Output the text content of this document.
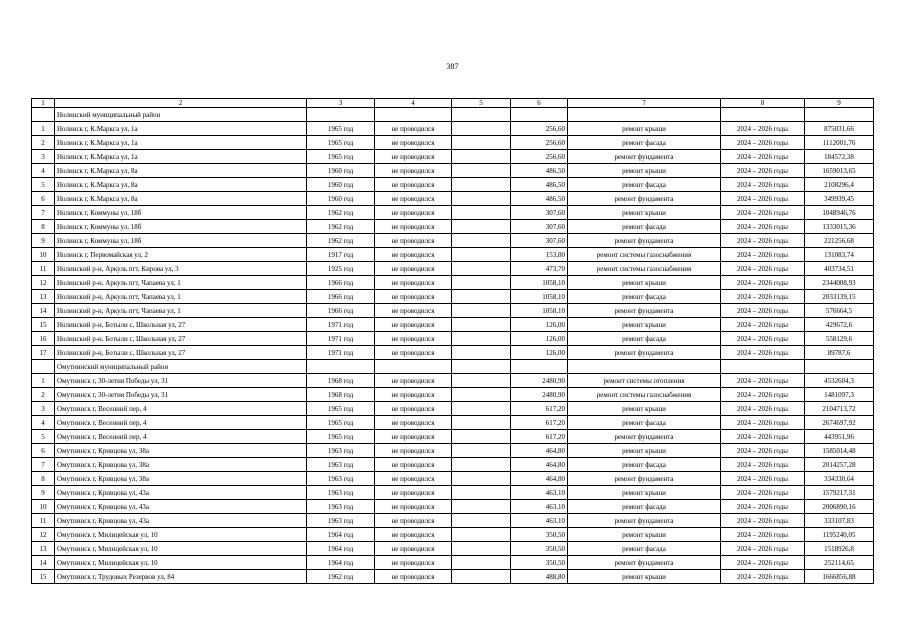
387
1	2	3	4	5	6	7	8	9
	Нолинский муниципальный район							
1	Нолинск г, К.Маркса ул, 1а	1965 год	не проводился		256,60	ремонт крыши	2024 – 2026 годы	875031,66
2	Нолинск г, К.Маркса ул, 1а	1965 год	не проводился		256,60	ремонт фасада	2024 – 2026 годы	1112001,76
3	Нолинск г, К.Маркса ул, 1а	1965 год	не проводился		256,60	ремонт фундамента	2024 – 2026 годы	184572,38
4	Нолинск г, К.Маркса ул, 8а	1960 год	не проводился		486,50	ремонт крыши	2024 – 2026 годы	1659013,65
5	Нолинск г, К.Маркса ул, 8а	1960 год	не проводился		486,50	ремонт фасада	2024 – 2026 годы	2108296,4
6	Нолинск г, К.Маркса ул, 8а	1960 год	не проводился		486,50	ремонт фундамента	2024 – 2026 годы	349939,45
7	Нолинск г, Коммуны ул, 18б	1962 год	не проводился		307,60	ремонт крыши	2024 – 2026 годы	1048946,76
8	Нолинск г, Коммуны ул, 18б	1962 год	не проводился		307,60	ремонт фасада	2024 – 2026 годы	1333015,36
9	Нолинск г, Коммуны ул, 18б	1962 год	не проводился		307,60	ремонт фундамента	2024 – 2026 годы	221256,68
10	Нолинск г, Первомайская ул, 2	1917 год	не проводился		153,80	ремонт системы газоснабжения	2024 – 2026 годы	131083,74
11	Нолинский р-н, Аркуль пгт, Кирова ул, 3	1925 год	не проводился		473,70	ремонт системы газоснабжения	2024 – 2026 годы	403734,51
12	Нолинский р-н, Аркуль пгт, Чапаева ул, 1	1966 год	не проводился		1058,10	ремонт крыши	2024 – 2026 годы	2344008,93
13	Нолинский р-н, Аркуль пгт, Чапаева ул, 1	1966 год	не проводился		1058,10	ремонт фасада	2024 – 2026 годы	2033139,15
14	Нолинский р-н, Аркуль пгт, Чапаева ул, 1	1966 год	не проводился		1058,10	ремонт фундамента	2024 – 2026 годы	576664,5
15	Нолинский р-н, Ботыли с, Школьная ул, 27	1971 год	не проводился		126,00	ремонт крыши	2024 – 2026 годы	429672,6
16	Нолинский р-н, Ботыли с, Школьная ул, 27	1971 год	не проводился		126,00	ремонт фасада	2024 – 2026 годы	558129,6
17	Нолинский р-н, Ботыли с, Школьная ул, 27	1971 год	не проводился		126,00	ремонт фундамента	2024 – 2026 годы	89787,6
	Омутнинский муниципальный район							
1	Омутнинск г, 30-летия Победы ул, 31	1968 год	не проводился		2480,90	ремонт системы отопления	2024 – 2026 годы	4532604,3
2	Омутнинск г, 30-летия Победы ул, 31	1968 год	не проводился		2480,90	ремонт системы газоснабжения	2024 – 2026 годы	1481097,3
3	Омутнинск г, Весенний пер, 4	1965 год	не проводился		617,20	ремонт крыши	2024 – 2026 годы	2104713,72
4	Омутнинск г, Весенний пер, 4	1965 год	не проводился		617,20	ремонт фасада	2024 – 2026 годы	2674697,92
5	Омутнинск г, Весенний пер, 4	1965 год	не проводился		617,20	ремонт фундамента	2024 – 2026 годы	443951,96
6	Омутнинск г, Кривцова ул, 38а	1963 год	не проводился		464,80	ремонт крыши	2024 – 2026 годы	1585014,48
7	Омутнинск г, Кривцова ул, 38а	1963 год	не проводился		464,80	ремонт фасада	2024 – 2026 годы	2014257,28
8	Омутнинск г, Кривцова ул, 38а	1963 год	не проводился		464,80	ремонт фундамента	2024 – 2026 годы	334330,64
9	Омутнинск г, Кривцова ул, 43а	1963 год	не проводился		463,10	ремонт крыши	2024 – 2026 годы	1579217,31
10	Омутнинск г, Кривцова ул, 43а	1963 год	не проводился		463,10	ремонт фасада	2024 – 2026 годы	2006890,16
11	Омутнинск г, Кривцова ул, 43а	1963 год	не проводился		463,10	ремонт фундамента	2024 – 2026 годы	333107,83
12	Омутнинск г, Милицейская ул, 10	1964 год	не проводился		350,50	ремонт крыши	2024 – 2026 годы	1195240,05
13	Омутнинск г, Милицейская ул, 10	1964 год	не проводился		350,50	ремонт фасада	2024 – 2026 годы	1518926,8
14	Омутнинск г, Милицейская ул, 10	1964 год	не проводился		350,50	ремонт фундамента	2024 – 2026 годы	252114,65
15	Омутнинск г, Трудовых Резервов ул, 84	1962 год	не проводился		488,80	ремонт крыши	2024 – 2026 годы	1666856,88
